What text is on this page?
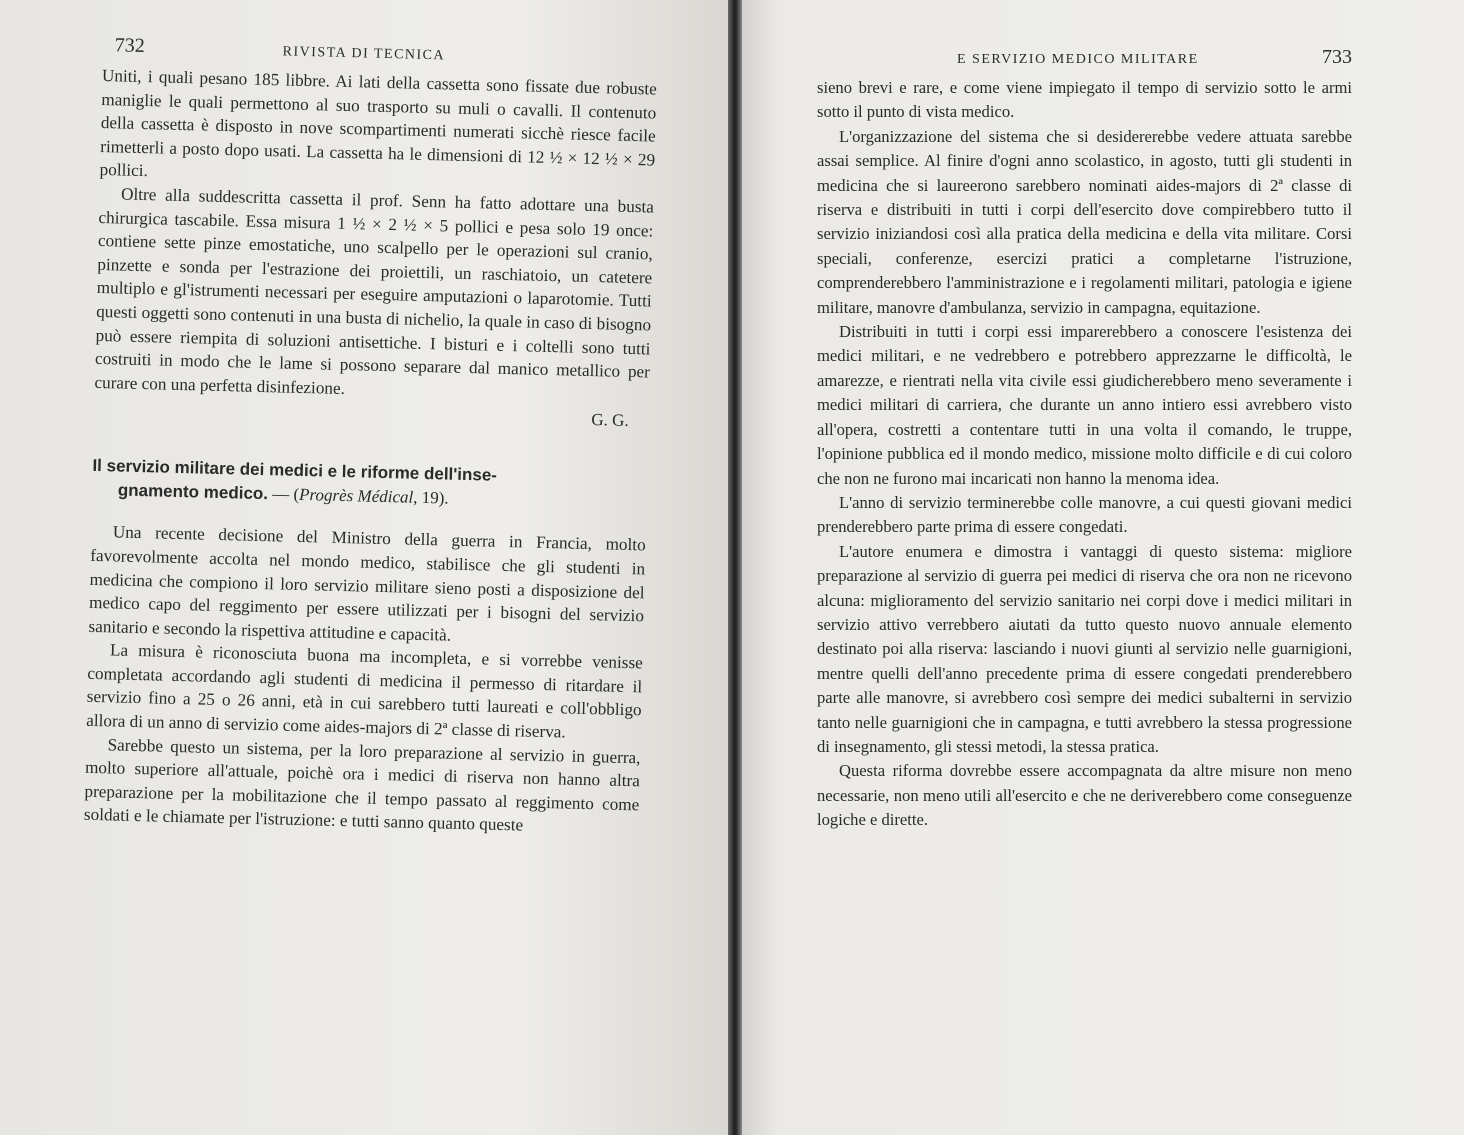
732	RIVISTA DI TECNICA

Uniti, i quali pesano 185 libbre. Ai lati della cassetta sono fissate due robuste maniglie le quali permettono al suo trasporto su muli o cavalli. Il contenuto della cassetta è disposto in nove scompartimenti numerati sicchè riesce facile rimetterli a posto dopo usati. La cassetta ha le dimensioni di 12 ½ × 12 ½ × 29 pollici.

Oltre alla suddescritta cassetta il prof. Senn ha fatto adottare una busta chirurgica tascabile. Essa misura 1 ½ × 2 ½ × 5 pollici e pesa solo 19 once: contiene sette pinze emostatiche, uno scalpello per le operazioni sul cranio, pinzette e sonda per l'estrazione dei proiettili, un raschiatoio, un catetere multiplo e gl'istrumenti necessari per eseguire amputazioni o laparotomie. Tutti questi oggetti sono contenuti in una busta di nichelio, la quale in caso di bisogno può essere riempita di soluzioni antisettiche. I bisturi e i coltelli sono tutti costruiti in modo che le lame si possono separare dal manico metallico per curare con una perfetta disinfezione.

G. G.
Il servizio militare dei medici e le riforme dell'inse-
gnamento medico. — (Progrès Médical, 19).

Una recente decisione del Ministro della guerra in Francia, molto favorevolmente accolta nel mondo medico, stabilisce che gli studenti in medicina che compiono il loro servizio militare sieno posti a disposizione del medico capo del reggimento per essere utilizzati per i bisogni del servizio sanitario e secondo la rispettiva attitudine e capacità.

La misura è riconosciuta buona ma incompleta, e si vorrebbe venisse completata accordando agli studenti di medicina il permesso di ritardare il servizio fino a 25 o 26 anni, età in cui sarebbero tutti laureati e coll'obbligo allora di un anno di servizio come aides-majors di 2ª classe di riserva.

Sarebbe questo un sistema, per la loro preparazione al servizio in guerra, molto superiore all'attuale, poichè ora i medici di riserva non hanno altra preparazione per la mobilitazione che il tempo passato al reggimento come soldati e le chiamate per l'istruzione: e tutti sanno quanto queste

E SERVIZIO MEDICO MILITARE	733

sieno brevi e rare, e come viene impiegato il tempo di servizio sotto le armi sotto il punto di vista medico.

L'organizzazione del sistema che si desidererebbe vedere attuata sarebbe assai semplice. Al finire d'ogni anno scolastico, in agosto, tutti gli studenti in medicina che si laureerono sarebbero nominati aides-majors di 2ª classe di riserva e distribuiti in tutti i corpi dell'esercito dove compirebbero tutto il servizio iniziandosi così alla pratica della medicina e della vita militare. Corsi speciali, conferenze, esercizi pratici a completarne l'istruzione, comprenderebbero l'amministrazione e i regolamenti militari, patologia e igiene militare, manovre d'ambulanza, servizio in campagna, equitazione.

Distribuiti in tutti i corpi essi imparerebbero a conoscere l'esistenza dei medici militari, e ne vedrebbero e potrebbero apprezzarne le difficoltà, le amarezze, e rientrati nella vita civile essi giudicherebbero meno severamente i medici militari di carriera, che durante un anno intiero essi avrebbero visto all'opera, costretti a contentare tutti in una volta il comando, le truppe, l'opinione pubblica ed il mondo medico, missione molto difficile e di cui coloro che non ne furono mai incaricati non hanno la menoma idea.

L'anno di servizio terminerebbe colle manovre, a cui questi giovani medici prenderebbero parte prima di essere congedati.

L'autore enumera e dimostra i vantaggi di questo sistema: migliore preparazione al servizio di guerra pei medici di riserva che ora non ne ricevono alcuna: miglioramento del servizio sanitario nei corpi dove i medici militari in servizio attivo verrebbero aiutati da tutto questo nuovo annuale elemento destinato poi alla riserva: lasciando i nuovi giunti al servizio nelle guarnigioni, mentre quelli dell'anno precedente prima di essere congedati prenderebbero parte alle manovre, si avrebbero così sempre dei medici subalterni in servizio tanto nelle guarnigioni che in campagna, e tutti avrebbero la stessa progressione di insegnamento, gli stessi metodi, la stessa pratica.

Questa riforma dovrebbe essere accompagnata da altre misure non meno necessarie, non meno utili all'esercito e che ne deriverebbero come conseguenze logiche e dirette.
